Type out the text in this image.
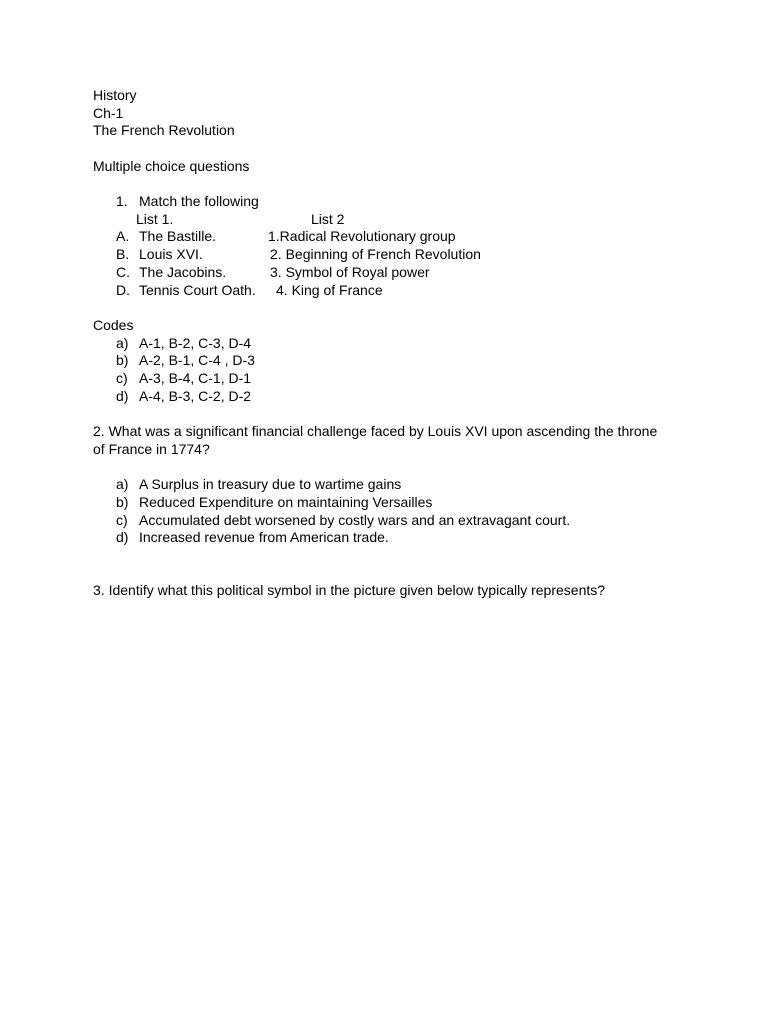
History
Ch-1
The French Revolution
Multiple choice questions
1. Match the following
List 1.	List 2
A. The Bastille.	1.Radical Revolutionary group
B. Louis XVI.	2. Beginning of French Revolution
C. The Jacobins.	3. Symbol of Royal power
D. Tennis Court Oath. 4. King of France
Codes
a) A-1, B-2, C-3, D-4
b) A-2, B-1, C-4 , D-3
c) A-3, B-4, C-1, D-1
d) A-4, B-3, C-2, D-2
2. What was a significant financial challenge faced by Louis XVI upon ascending the throne
of France in 1774?
a) A Surplus in treasury due to wartime gains
b) Reduced Expenditure on maintaining Versailles
c) Accumulated debt worsened by costly wars and an extravagant court.
d) Increased revenue from American trade.
3. Identify what this political symbol in the picture given below typically represents?
